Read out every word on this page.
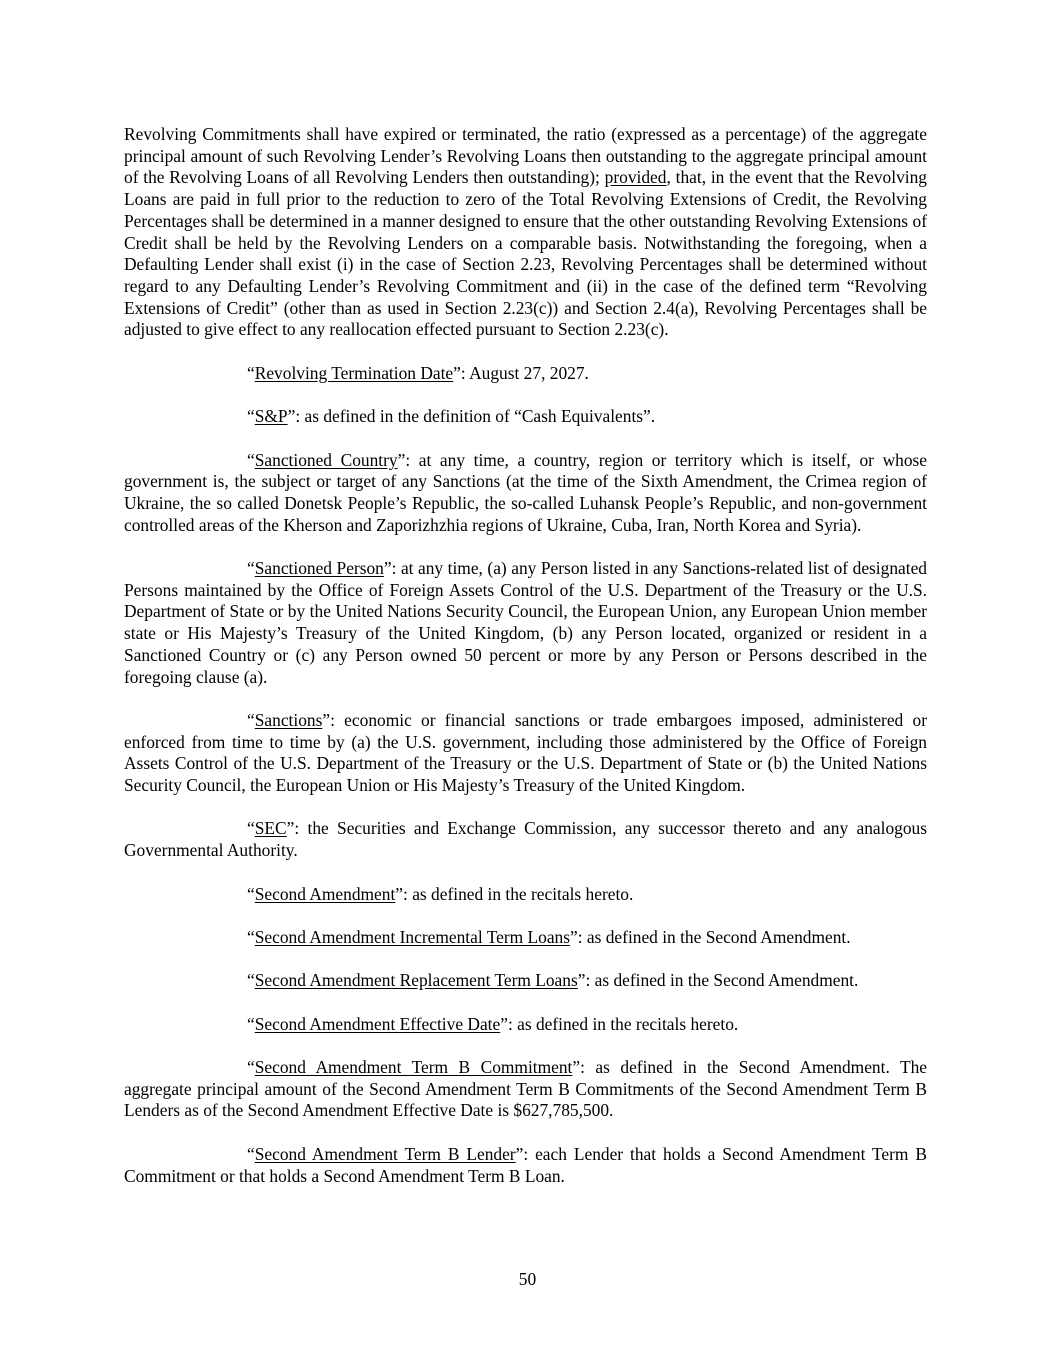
Revolving Commitments shall have expired or terminated, the ratio (expressed as a percentage) of the aggregate principal amount of such Revolving Lender’s Revolving Loans then outstanding to the aggregate principal amount of the Revolving Loans of all Revolving Lenders then outstanding); provided, that, in the event that the Revolving Loans are paid in full prior to the reduction to zero of the Total Revolving Extensions of Credit, the Revolving Percentages shall be determined in a manner designed to ensure that the other outstanding Revolving Extensions of Credit shall be held by the Revolving Lenders on a comparable basis. Notwithstanding the foregoing, when a Defaulting Lender shall exist (i) in the case of Section 2.23, Revolving Percentages shall be determined without regard to any Defaulting Lender’s Revolving Commitment and (ii) in the case of the defined term “Revolving Extensions of Credit” (other than as used in Section 2.23(c)) and Section 2.4(a), Revolving Percentages shall be adjusted to give effect to any reallocation effected pursuant to Section 2.23(c).

“Revolving Termination Date”: August 27, 2027.

“S&P”: as defined in the definition of “Cash Equivalents”.

“Sanctioned Country”: at any time, a country, region or territory which is itself, or whose government is, the subject or target of any Sanctions (at the time of the Sixth Amendment, the Crimea region of Ukraine, the so called Donetsk People’s Republic, the so-called Luhansk People’s Republic, and non-government controlled areas of the Kherson and Zaporizhzhia regions of Ukraine, Cuba, Iran, North Korea and Syria).

“Sanctioned Person”: at any time, (a) any Person listed in any Sanctions-related list of designated Persons maintained by the Office of Foreign Assets Control of the U.S. Department of the Treasury or the U.S. Department of State or by the United Nations Security Council, the European Union, any European Union member state or His Majesty’s Treasury of the United Kingdom, (b) any Person located, organized or resident in a Sanctioned Country or (c) any Person owned 50 percent or more by any Person or Persons described in the foregoing clause (a).

“Sanctions”: economic or financial sanctions or trade embargoes imposed, administered or enforced from time to time by (a) the U.S. government, including those administered by the Office of Foreign Assets Control of the U.S. Department of the Treasury or the U.S. Department of State or (b) the United Nations Security Council, the European Union or His Majesty’s Treasury of the United Kingdom.

“SEC”: the Securities and Exchange Commission, any successor thereto and any analogous Governmental Authority.

“Second Amendment”: as defined in the recitals hereto.

“Second Amendment Incremental Term Loans”: as defined in the Second Amendment.

“Second Amendment Replacement Term Loans”: as defined in the Second Amendment.

“Second Amendment Effective Date”: as defined in the recitals hereto.

“Second Amendment Term B Commitment”: as defined in the Second Amendment. The aggregate principal amount of the Second Amendment Term B Commitments of the Second Amendment Term B Lenders as of the Second Amendment Effective Date is $627,785,500.

“Second Amendment Term B Lender”: each Lender that holds a Second Amendment Term B Commitment or that holds a Second Amendment Term B Loan.

50
